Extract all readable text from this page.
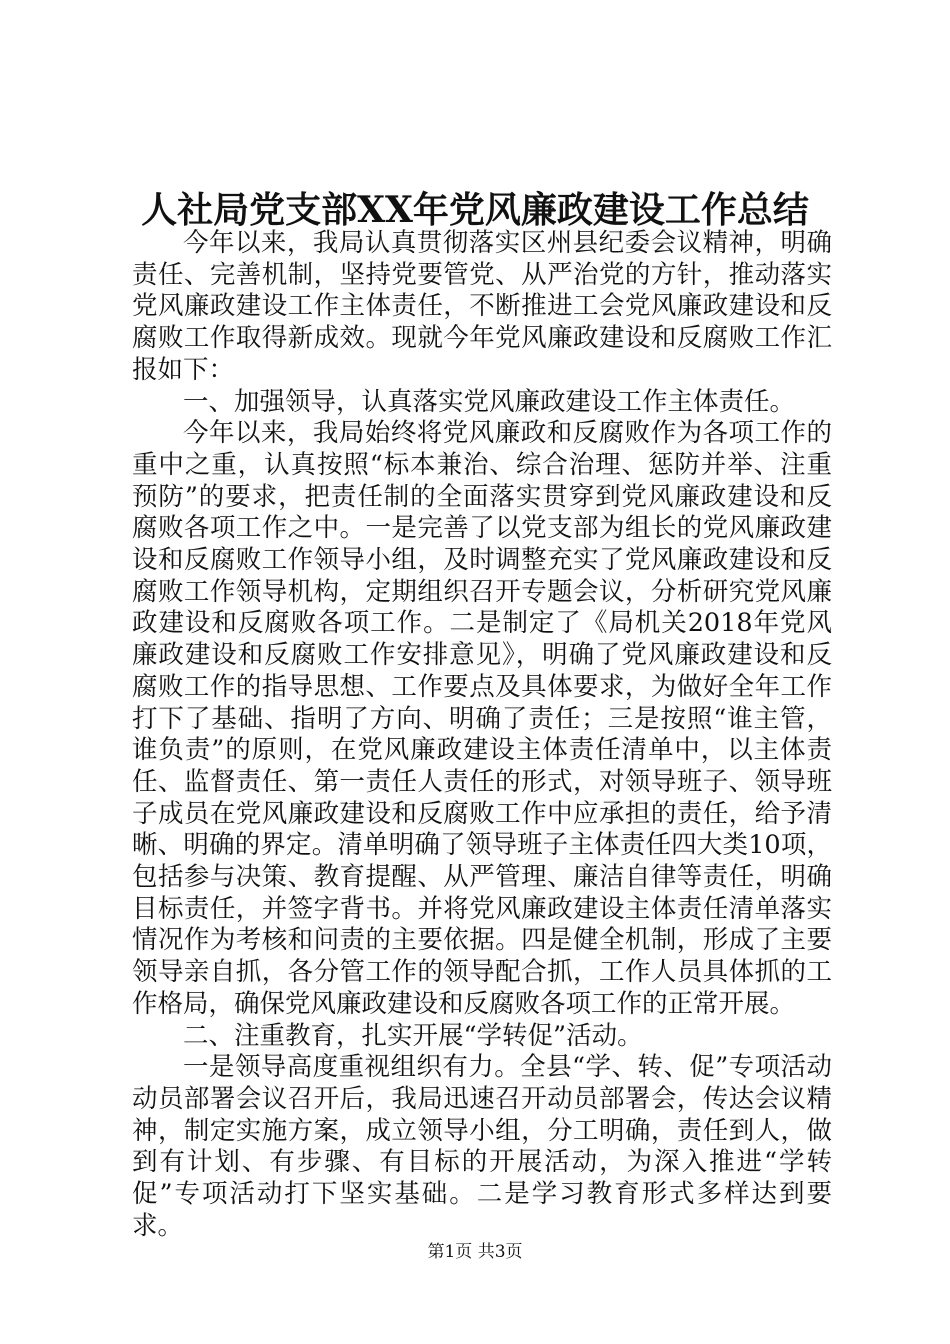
人社局党支部XX年党风廉政建设工作总结

今年以来，我局认真贯彻落实区州县纪委会议精神，明确责任、完善机制，坚持党要管党、从严治党的方针，推动落实党风廉政建设工作主体责任，不断推进工会党风廉政建设和反腐败工作取得新成效。现就今年党风廉政建设和反腐败工作汇报如下：

一、加强领导，认真落实党风廉政建设工作主体责任。

今年以来，我局始终将党风廉政和反腐败作为各项工作的重中之重，认真按照“标本兼治、综合治理、惩防并举、注重预防”的要求，把责任制的全面落实贯穿到党风廉政建设和反腐败各项工作之中。一是完善了以党支部为组长的党风廉政建设和反腐败工作领导小组，及时调整充实了党风廉政建设和反腐败工作领导机构，定期组织召开专题会议，分析研究党风廉政建设和反腐败各项工作。二是制定了《局机关2018年党风廉政建设和反腐败工作安排意见》，明确了党风廉政建设和反腐败工作的指导思想、工作要点及具体要求，为做好全年工作打下了基础、指明了方向、明确了责任；三是按照“谁主管，谁负责”的原则，在党风廉政建设主体责任清单中，以主体责任、监督责任、第一责任人责任的形式，对领导班子、领导班子成员在党风廉政建设和反腐败工作中应承担的责任，给予清晰、明确的界定。清单明确了领导班子主体责任四大类10项，包括参与决策、教育提醒、从严管理、廉洁自律等责任，明确目标责任，并签字背书。并将党风廉政建设主体责任清单落实情况作为考核和问责的主要依据。四是健全机制，形成了主要领导亲自抓，各分管工作的领导配合抓，工作人员具体抓的工作格局，确保党风廉政建设和反腐败各项工作的正常开展。

二、注重教育，扎实开展“学转促”活动。

一是领导高度重视组织有力。全县“学、转、促”专项活动动员部署会议召开后，我局迅速召开动员部署会，传达会议精神，制定实施方案，成立领导小组，分工明确，责任到人，做到有计划、有步骤、有目标的开展活动，为深入推进“学转促”专项活动打下坚实基础。二是学习教育形式多样达到要求。

第1页 共3页
